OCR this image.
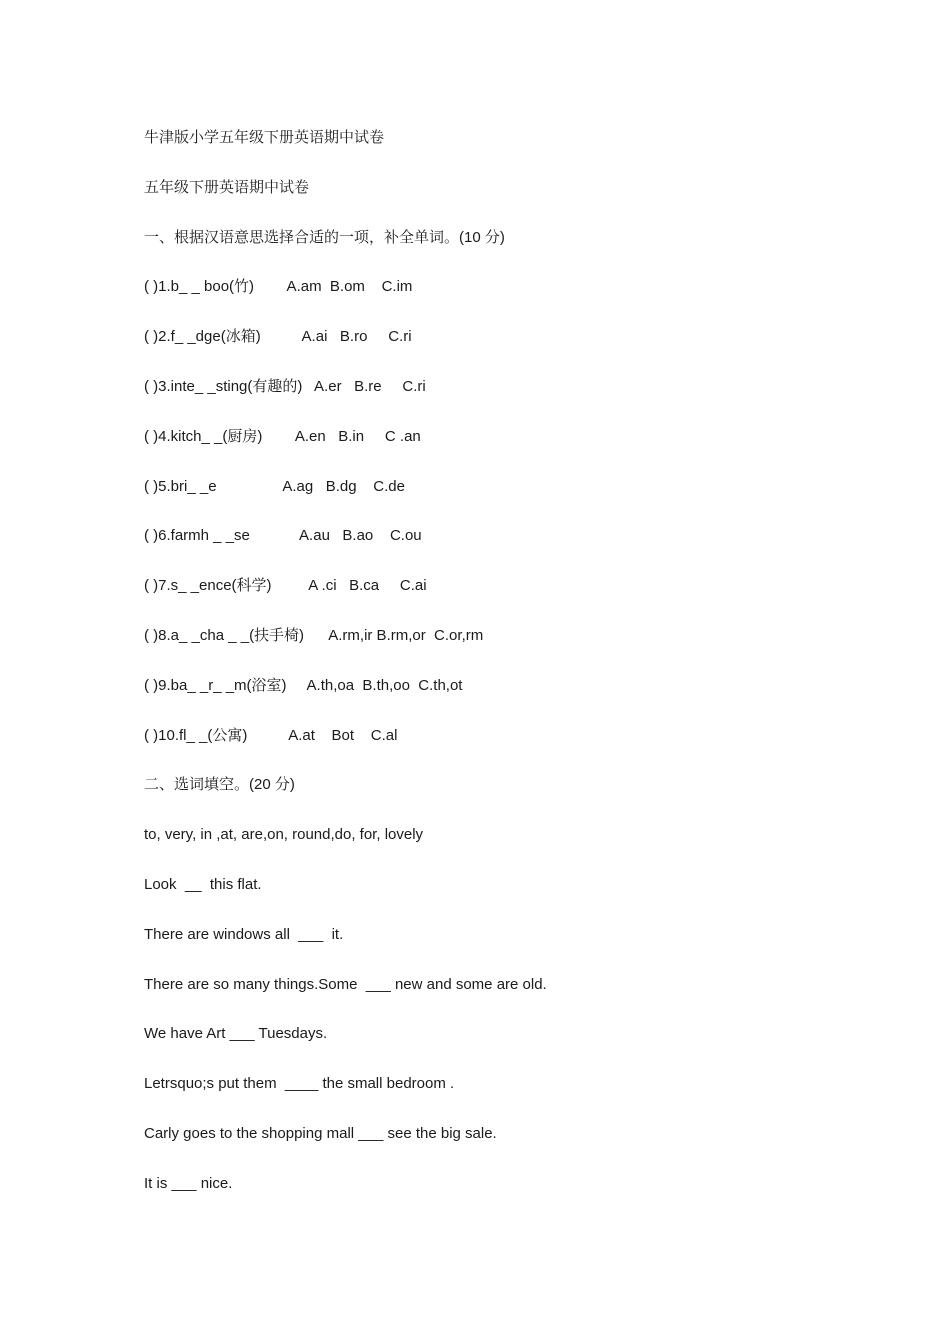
牛津版小学五年级下册英语期中试卷
五年级下册英语期中试卷
一、根据汉语意思选择合适的一项，补全单词。(10 分)
( )1.b_ _ boo(竹)        A.am  B.om    C.im
( )2.f_ _dge(冰箱)          A.ai   B.ro     C.ri
( )3.inte_ _sting(有趣的)   A.er   B.re     C.ri
( )4.kitch_ _(厨房)        A.en   B.in     C .an
( )5.bri_ _e                A.ag   B.dg    C.de
( )6.farmh _ _se            A.au   B.ao    C.ou
( )7.s_ _ence(科学)         A .ci   B.ca     C.ai
( )8.a_ _cha _ _(扶手椅)      A.rm,ir B.rm,or  C.or,rm
( )9.ba_ _r_ _m(浴室)     A.th,oa  B.th,oo  C.th,ot
( )10.fl_ _(公寓)          A.at    Bot    C.al
二、选词填空。(20 分)
to, very, in ,at, are,on, round,do, for, lovely
Look  __  this flat.
There are windows all  ___  it.
There are so many things.Some  ___ new and some are old.
We have Art ___ Tuesdays.
Letrsquo;s put them  ____ the small bedroom .
Carly goes to the shopping mall ___ see the big sale.
It is ___ nice.
